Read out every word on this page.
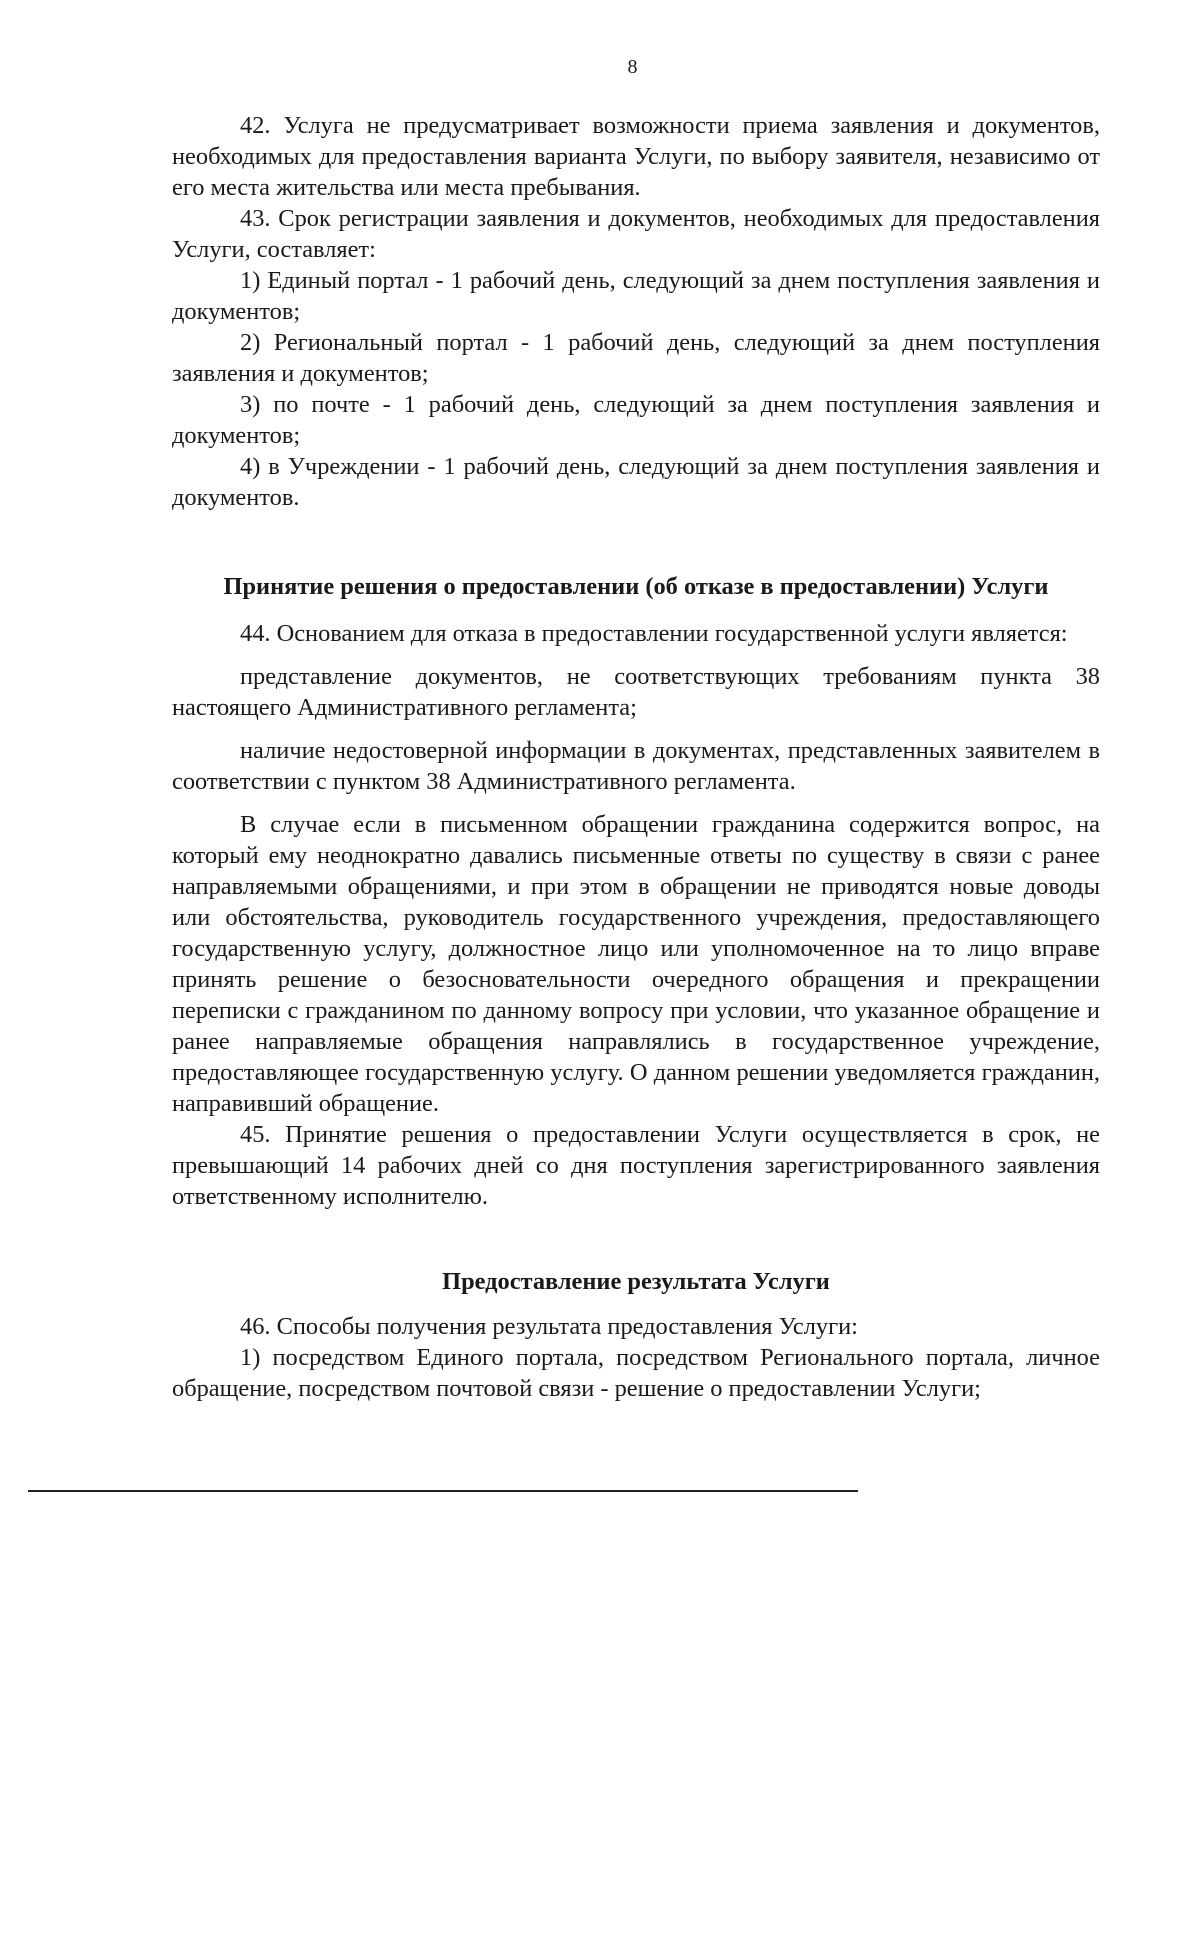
8

42. Услуга не предусматривает возможности приема заявления и документов, необходимых для предоставления варианта Услуги, по выбору заявителя, независимо от его места жительства или места пребывания.

43. Срок регистрации заявления и документов, необходимых для предоставления Услуги, составляет:

1) Единый портал - 1 рабочий день, следующий за днем поступления заявления и документов;

2) Региональный портал - 1 рабочий день, следующий за днем поступления заявления и документов;

3) по почте - 1 рабочий день, следующий за днем поступления заявления и документов;

4) в Учреждении - 1 рабочий день, следующий за днем поступления заявления и документов.

Принятие решения о предоставлении (об отказе в предоставлении) Услуги

44. Основанием для отказа в предоставлении государственной услуги является:

представление документов, не соответствующих требованиям пункта 38 настоящего Административного регламента;

наличие недостоверной информации в документах, представленных заявителем в соответствии с пунктом 38 Административного регламента.

В случае если в письменном обращении гражданина содержится вопрос, на который ему неоднократно давались письменные ответы по существу в связи с ранее направляемыми обращениями, и при этом в обращении не приводятся новые доводы или обстоятельства, руководитель государственного учреждения, предоставляющего государственную услугу, должностное лицо или уполномоченное на то лицо вправе принять решение о безосновательности очередного обращения и прекращении переписки с гражданином по данному вопросу при условии, что указанное обращение и ранее направляемые обращения направлялись в государственное учреждение, предоставляющее государственную услугу. О данном решении уведомляется гражданин, направивший обращение.

45. Принятие решения о предоставлении Услуги осуществляется в срок, не превышающий 14 рабочих дней со дня поступления зарегистрированного заявления ответственному исполнителю.

Предоставление результата Услуги

46. Способы получения результата предоставления Услуги:

1) посредством Единого портала, посредством Регионального портала, личное обращение, посредством почтовой связи - решение о предоставлении Услуги;
